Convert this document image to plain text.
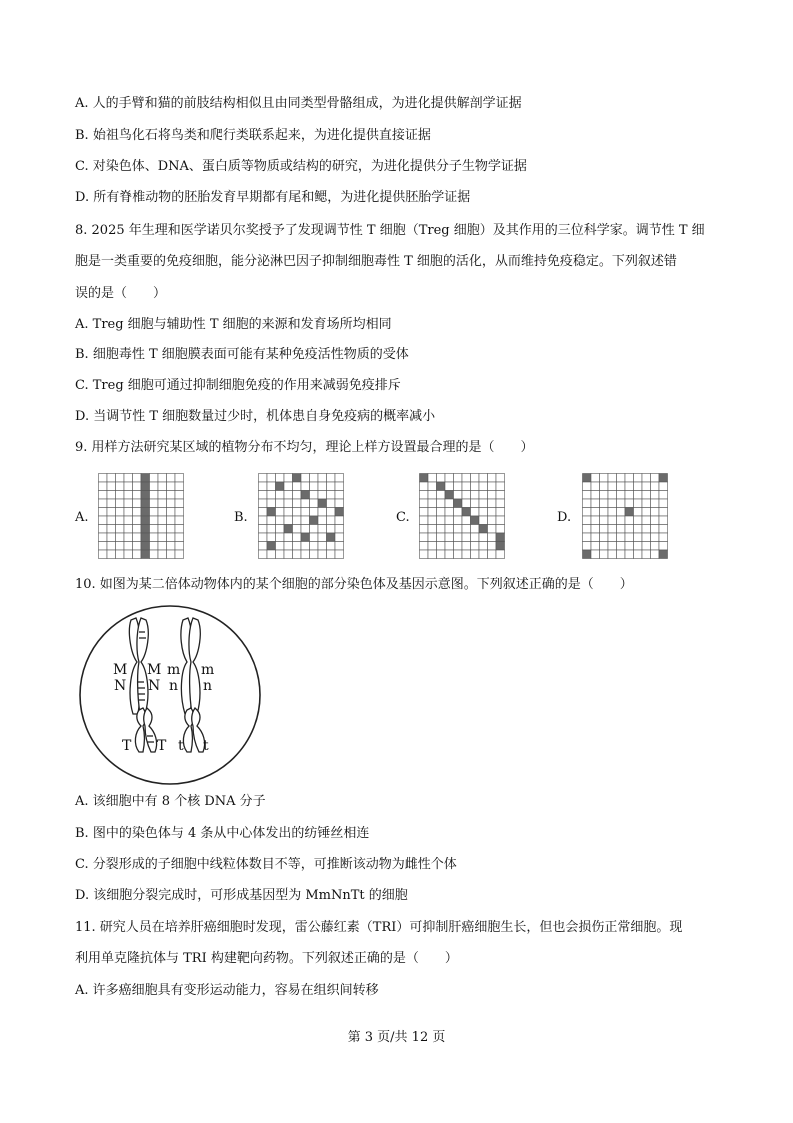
A. 人的手臂和猫的前肢结构相似且由同类型骨骼组成，为进化提供解剖学证据
B. 始祖鸟化石将鸟类和爬行类联系起来，为进化提供直接证据
C. 对染色体、DNA、蛋白质等物质或结构的研究，为进化提供分子生物学证据
D. 所有脊椎动物的胚胎发育早期都有尾和鳃，为进化提供胚胎学证据
8. 2025 年生理和医学诺贝尔奖授予了发现调节性 T 细胞（Treg 细胞）及其作用的三位科学家。调节性 T 细
胞是一类重要的免疫细胞，能分泌淋巴因子抑制细胞毒性 T 细胞的活化，从而维持免疫稳定。下列叙述错
误的是（　　）
A. Treg 细胞与辅助性 T 细胞的来源和发育场所均相同
B. 细胞毒性 T 细胞膜表面可能有某种免疫活性物质的受体
C. Treg 细胞可通过抑制细胞免疫的作用来减弱免疫排斥
D. 当调节性 T 细胞数量过少时，机体患自身免疫病的概率减小
9. 用样方法研究某区域的植物分布不均匀，理论上样方设置最合理的是（　　）
A.	B.	C.	D.
10. 如图为某二倍体动物体内的某个细胞的部分染色体及基因示意图。下列叙述正确的是（　　）
M
N
M
N
m
n
m
n
T T t t
A. 该细胞中有 8 个核 DNA 分子
B. 图中的染色体与 4 条从中心体发出的纺锤丝相连
C. 分裂形成的子细胞中线粒体数目不等，可推断该动物为雌性个体
D. 该细胞分裂完成时，可形成基因型为 MmNnTt 的细胞
11. 研究人员在培养肝癌细胞时发现，雷公藤红素（TRI）可抑制肝癌细胞生长，但也会损伤正常细胞。现
利用单克隆抗体与 TRI 构建靶向药物。下列叙述正确的是（　　）
A. 许多癌细胞具有变形运动能力，容易在组织间转移
第 3 页/共 12 页
